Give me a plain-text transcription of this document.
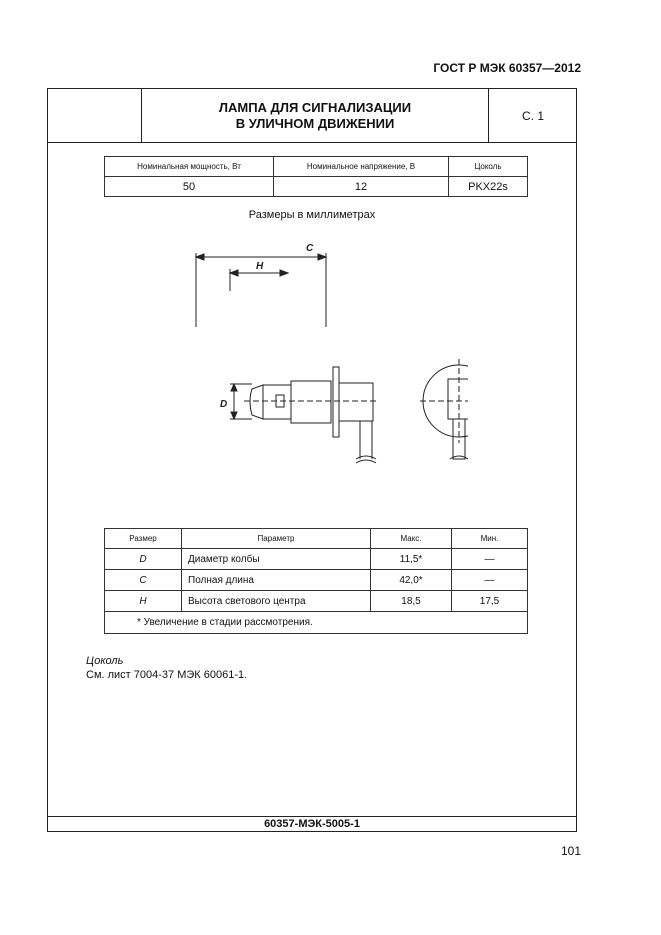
ГОСТ Р МЭК 60357—2012
ЛАМПА ДЛЯ СИГНАЛИЗАЦИИ
В УЛИЧНОМ ДВИЖЕНИИ	С. 1
Номинальная мощность, Вт	Номинальное напряжение, В	Цоколь
50	12	PKX22s
Размеры в миллиметрах
C
H
D
Размер	Параметр	Макс.	Мин.
D	Диаметр колбы	11,5*	—
C	Полная длина	42,0*	—
H	Высота светового центра	18,5	17,5
* Увеличение в стадии рассмотрения.			
Цоколь
См. лист 7004-37 МЭК 60061-1.
60357-МЭК-5005-1
101
